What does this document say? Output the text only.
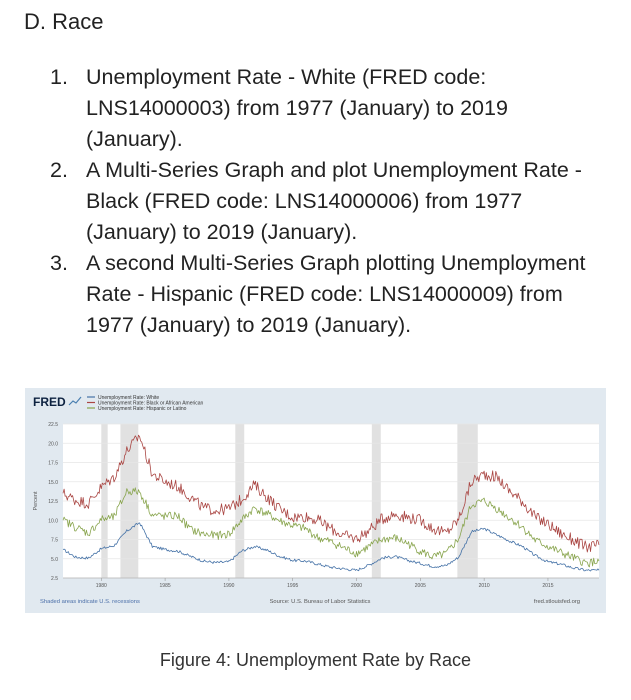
D. Race
1. Unemployment Rate - White (FRED code: LNS14000003) from 1977 (January) to 2019 (January).
2. A Multi-Series Graph and plot Unemployment Rate - Black (FRED code: LNS14000006) from 1977 (January) to 2019 (January).
3. A second Multi-Series Graph plotting Unemployment Rate - Hispanic (FRED code: LNS14000009) from 1977 (January) to 2019 (January).
2.5
5.0
7.5
10.0
12.5
15.0
17.5
20.0
22.5
1980	1985	1990	1995	2000	2005	2010	2015
Percent
FRED	Unemployment Rate: White
Unemployment Rate: Black or African American
Unemployment Rate: Hispanic or Latino
Shaded areas indicate U.S. recessions	Source: U.S. Bureau of Labor Statistics	fred.stlouisfed.org
Figure 4: Unemployment Rate by Race
